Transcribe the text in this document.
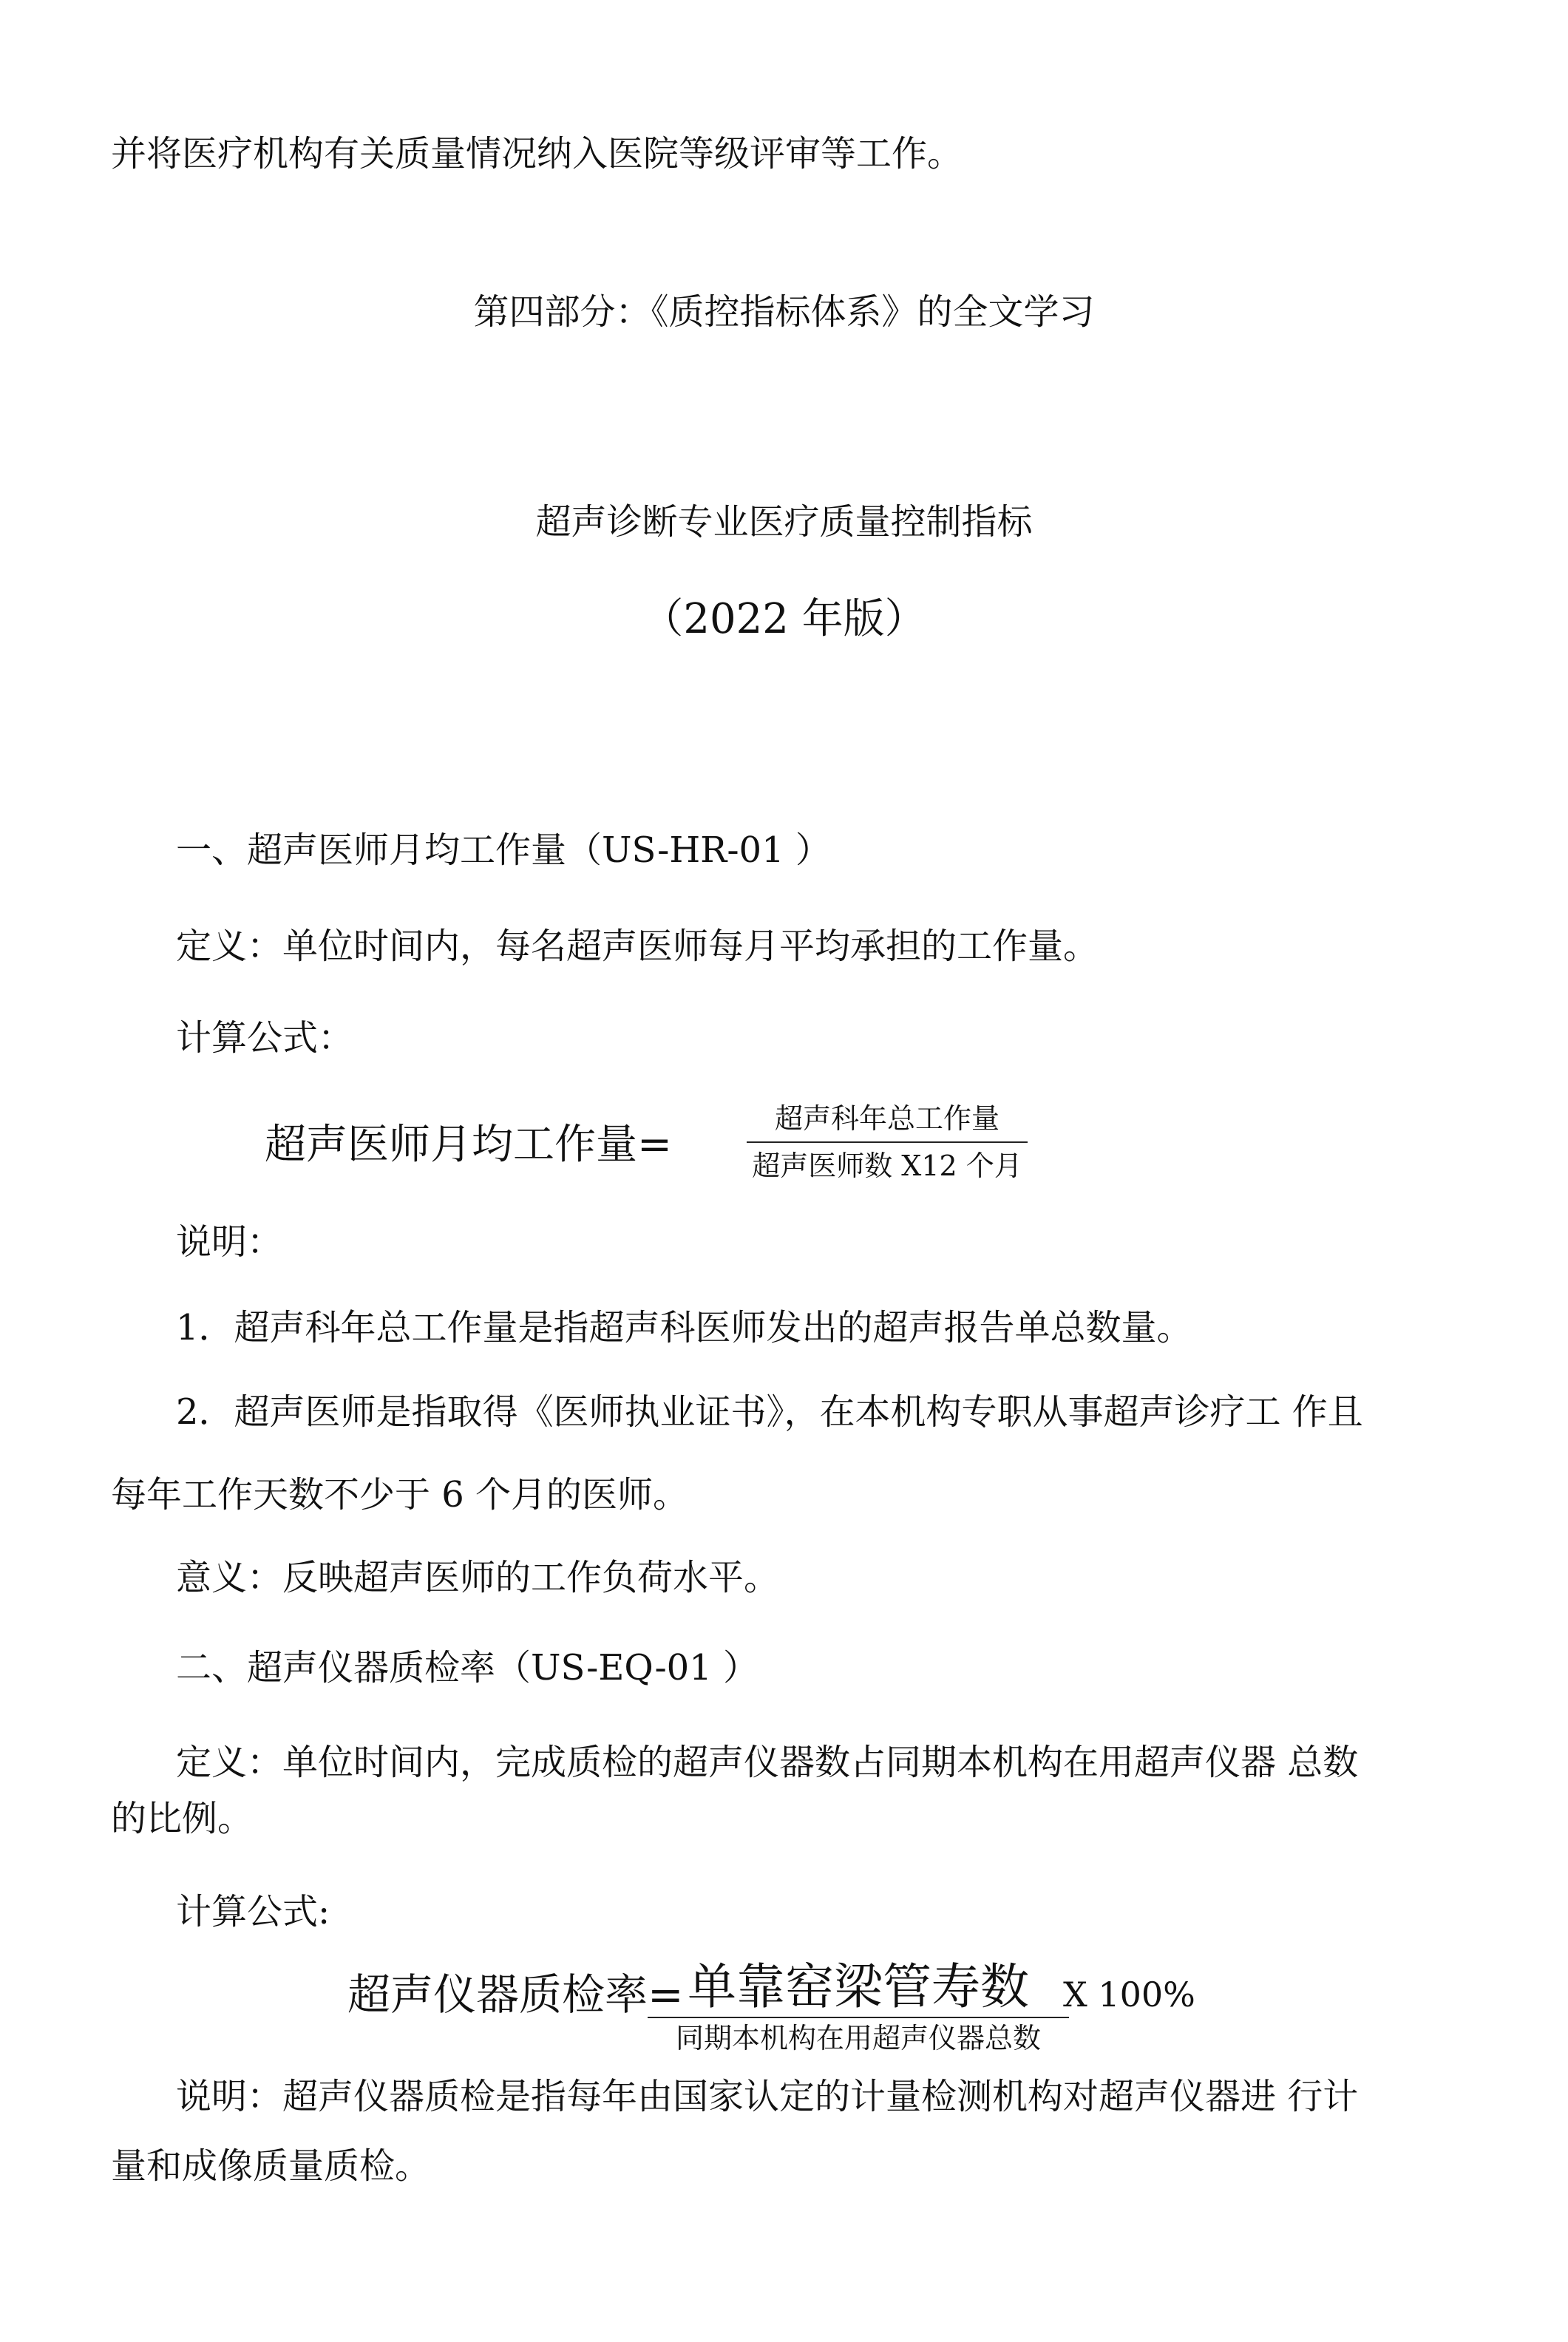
并将医疗机构有关质量情况纳入医院等级评审等工作。
第四部分：《质控指标体系》的全文学习
超声诊断专业医疗质量控制指标
（2022 年版）
一、超声医师月均工作量（US-HR-01 ）
定义：单位时间内，每名超声医师每月平均承担的工作量。
计算公式：
超声医师月均工作量=
超声科年总工作量
超声医师数 X12 个月
说明：
1．超声科年总工作量是指超声科医师发出的超声报告单总数量。
2．超声医师是指取得《医师执业证书》，在本机构专职从事超声诊疗工 作且
每年工作天数不少于 6 个月的医师。
意义：反映超声医师的工作负荷水平。
二、超声仪器质检率（US-EQ-01 ）
定义：单位时间内，完成质检的超声仪器数占同期本机构在用超声仪器 总数
的比例。
计算公式:
超声仪器质检率= 单靠窑梁管寿数
同期本机构在用超声仪器总数
X 100%
说明：超声仪器质检是指每年由国家认定的计量检测机构对超声仪器进 行计
量和成像质量质检。
